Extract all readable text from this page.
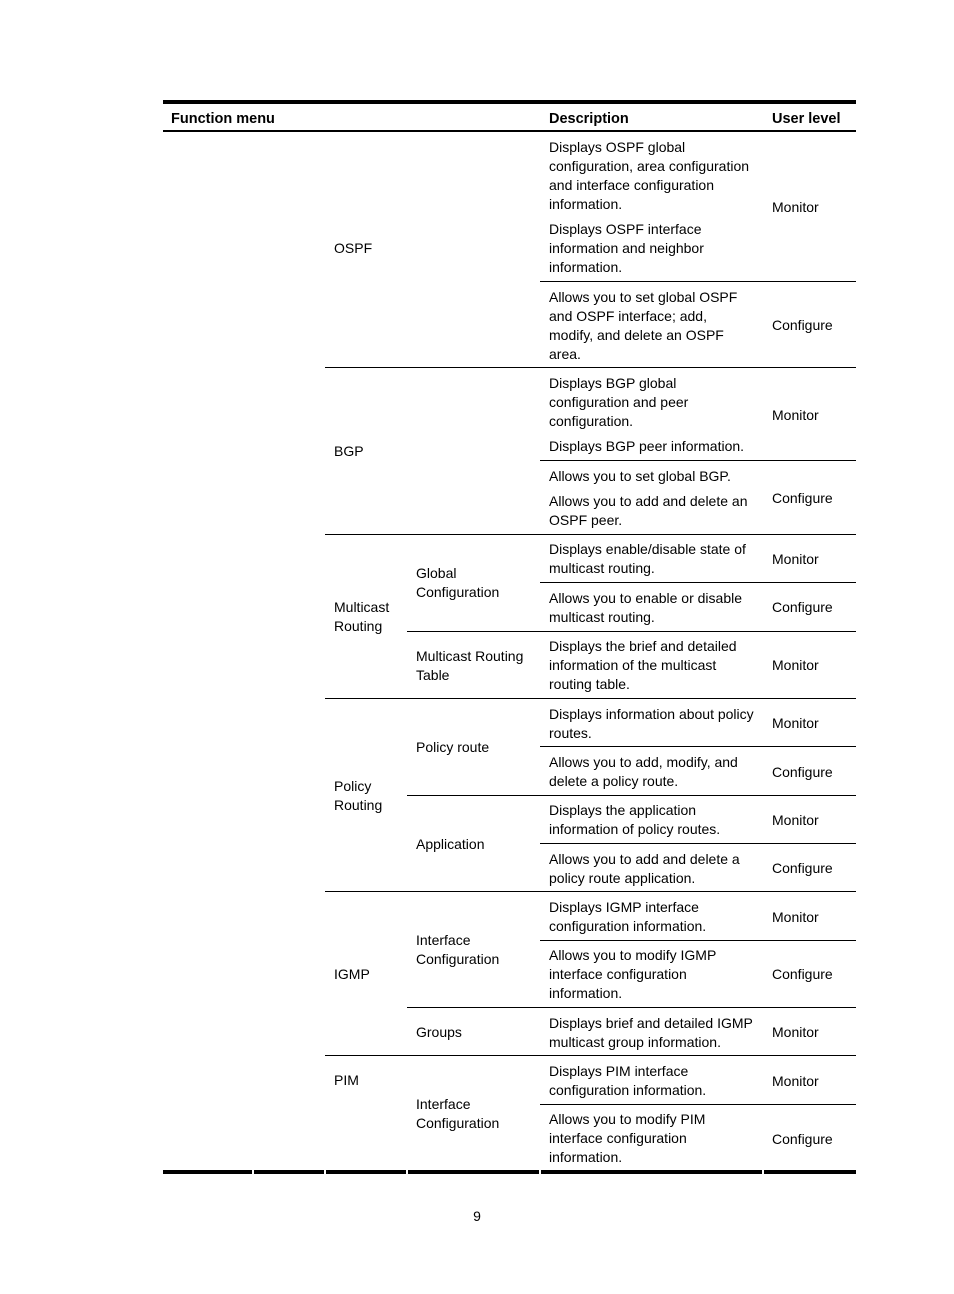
Function menu	Description	User level
OSPF
Displays OSPF global
configuration, area configuration
and interface configuration
information.
Displays OSPF interface
information and neighbor
information.
Monitor
Allows you to set global OSPF
and OSPF interface; add,
modify, and delete an OSPF
area.
Configure
BGP
Displays BGP global
configuration and peer
configuration.
Displays BGP peer information.
Monitor
Allows you to set global BGP.
Allows you to add and delete an
OSPF peer.
Configure
Multicast
Routing
Global
Configuration
Displays enable/disable state of
multicast routing.
Monitor
Allows you to enable or disable
multicast routing.
Configure
Multicast Routing
Table
Displays the brief and detailed
information of the multicast
routing table.
Monitor
Policy
Routing
Policy route
Displays information about policy
routes.
Monitor
Allows you to add, modify, and
delete a policy route.
Configure
Application
Displays the application
information of policy routes.
Monitor
Allows you to add and delete a
policy route application.
Configure
IGMP
Interface
Configuration
Displays IGMP interface
configuration information.
Monitor
Allows you to modify IGMP
interface configuration
information.
Configure
Groups
Displays brief and detailed IGMP
multicast group information.
Monitor
PIM
Interface
Configuration
Displays PIM interface
configuration information.
Monitor
Allows you to modify PIM
interface configuration
information.
Configure
9
